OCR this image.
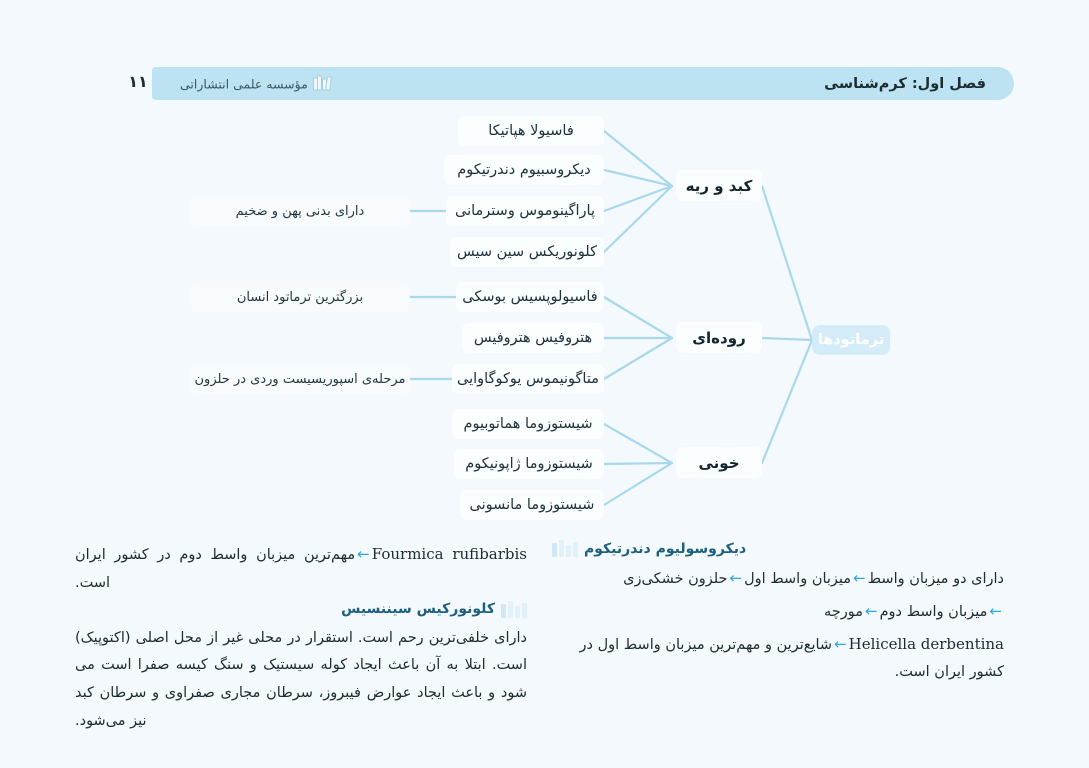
۱۱	فصل اول: کرم‌شناسی
مؤسسه علمی انتشاراتی
ترماتودها
کبد و ریه
روده‌ای
خونی
فاسیولا هپاتیکا
دیکروسبیوم دندرتیکوم
پاراگینوموس وسترمانی
کلونوریکس سین سیس
فاسیولوپسیس بوسکی
هتروفیس هتروفیس
متاگونیموس یوکوگاوایی
شیستوزوما هماتوبیوم
شیستوزوما ژاپونیکوم
شیستوزوما مانسونی
دارای بدنی پهن و ضخیم
بزرگترین ترماتود انسان
مرحله‌ی اسپوریسیست وردی در حلزون

Fourmica rufibarbis←مهم‌ترین میزبان واسط دوم در کشور ایران است.

کلونورکیس سیننسیس

دارای خلفی‌ترین رحم است. استقرار در محلی غیر از محل اصلی (اکتوپیک) است. ابتلا به آن باعث ایجاد کوله سیستیک و سنگ کیسه صفرا است می شود و باعث ایجاد عوارض فیبروز، سرطان مجاری صفراوی و سرطان کبد نیز می‌شود.

دیکروسولیوم دندرتیکوم

دارای دو میزبان واسط←میزبان واسط اول←حلزون خشکی‌زی

←میزبان واسط دوم←مورچه

Helicella derbentina←شایع‌ترین و مهم‌ترین میزبان واسط اول در کشور ایران است.
